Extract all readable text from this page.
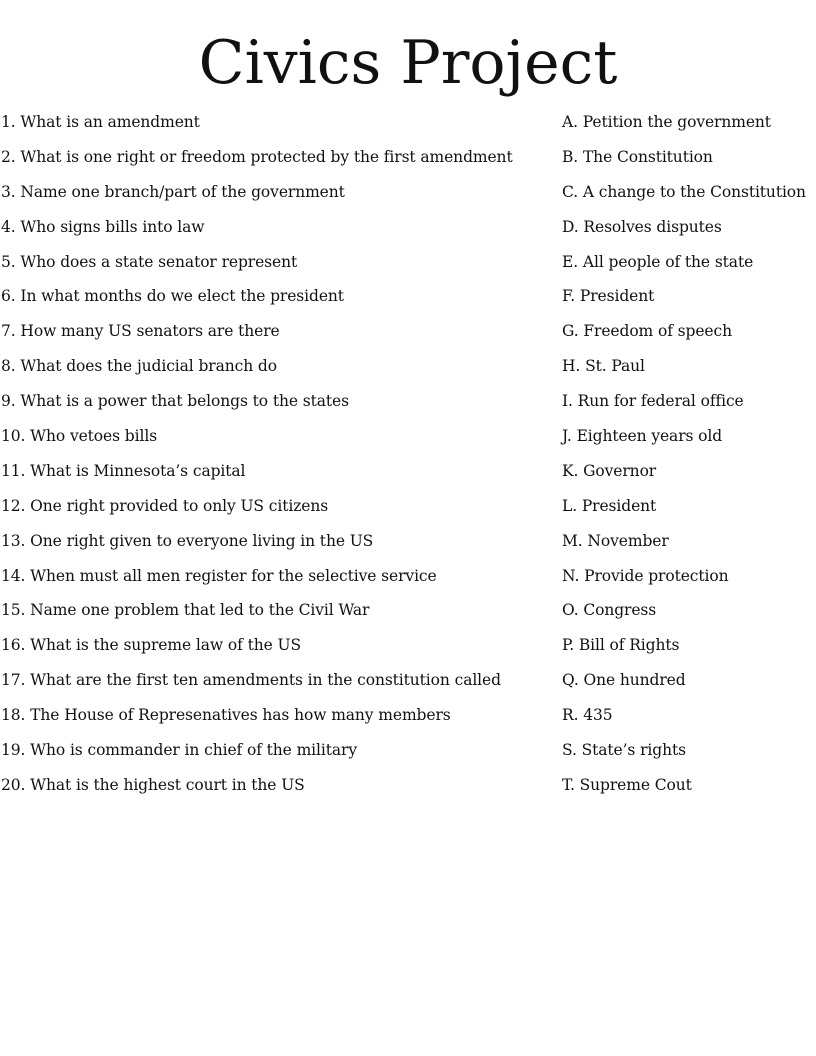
Civics Project
1. What is an amendment
2. What is one right or freedom protected by the first amendment
3. Name one branch/part of the government
4. Who signs bills into law
5. Who does a state senator represent
6. In what months do we elect the president
7. How many US senators are there
8. What does the judicial branch do
9. What is a power that belongs to the states
10. Who vetoes bills
11. What is Minnesota’s capital
12. One right provided to only US citizens
13. One right given to everyone living in the US
14. When must all men register for the selective service
15. Name one problem that led to the Civil War
16. What is the supreme law of the US
17. What are the first ten amendments in the constitution called
18. The House of Represenatives has how many members
19. Who is commander in chief of the military
20. What is the highest court in the US
A. Petition the government
B. The Constitution
C. A change to the Constitution
D. Resolves disputes
E. All people of the state
F. President
G. Freedom of speech
H. St. Paul
I. Run for federal office
J. Eighteen years old
K. Governor
L. President
M. November
N. Provide protection
O. Congress
P. Bill of Rights
Q. One hundred
R. 435
S. State’s rights
T. Supreme Cout
